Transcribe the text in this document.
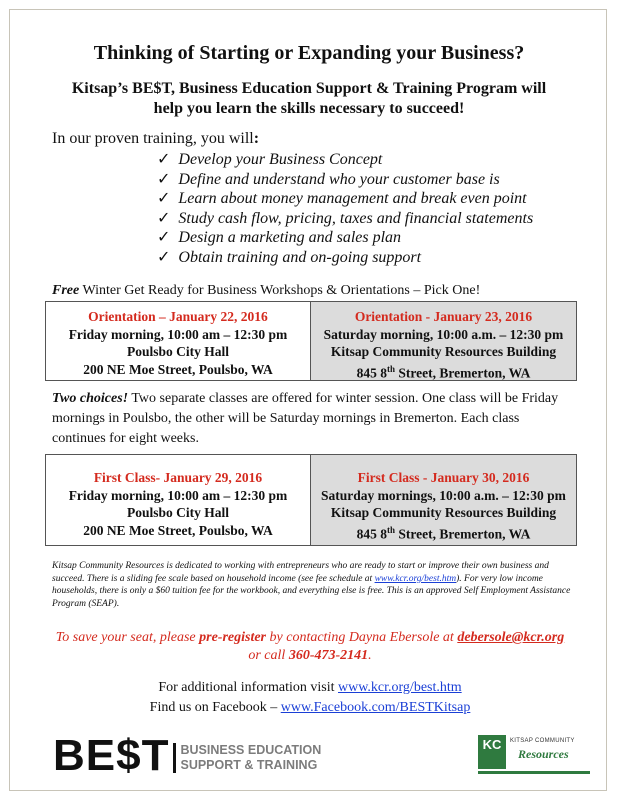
Thinking of Starting or Expanding your Business?
Kitsap’s BE$T, Business Education Support & Training Program will
help you learn the skills necessary to succeed!
In our proven training, you will:
✓ Develop your Business Concept
✓ Define and understand who your customer base is
✓ Learn about money management and break even point
✓ Study cash flow, pricing, taxes and financial statements
✓ Design a marketing and sales plan
✓ Obtain training and on-going support
Free Winter Get Ready for Business Workshops & Orientations – Pick One!
Orientation – January 22, 2016
Friday morning, 10:00 am – 12:30 pm
Poulsbo City Hall
200 NE Moe Street, Poulsbo, WA
Orientation - January 23, 2016
Saturday morning, 10:00 a.m. – 12:30 pm
Kitsap Community Resources Building
845 8th Street, Bremerton, WA
Two choices! Two separate classes are offered for winter session. One class will be Friday mornings in Poulsbo, the other will be Saturday mornings in Bremerton. Each class continues for eight weeks.
First Class- January 29, 2016
Friday morning, 10:00 am – 12:30 pm
Poulsbo City Hall
200 NE Moe Street, Poulsbo, WA
First Class - January 30, 2016
Saturday mornings, 10:00 a.m. – 12:30 pm
Kitsap Community Resources Building
845 8th Street, Bremerton, WA
Kitsap Community Resources is dedicated to working with entrepreneurs who are ready to start or improve their own business and succeed. There is a sliding fee scale based on household income (see fee schedule at www.kcr.org/best.htm). For very low income households, there is only a $60 tuition fee for the workbook, and everything else is free. This is an approved Self Employment Assistance Program (SEAP).
To save your seat, please pre-register by contacting Dayna Ebersole at debersole@kcr.org
or call 360-473-2141.
For additional information visit www.kcr.org/best.htm
Find us on Facebook – www.Facebook.com/BESTKitsap
BE$T BUSINESS EDUCATION
SUPPORT & TRAINING
KC	KITSAP COMMUNITY
Resources
